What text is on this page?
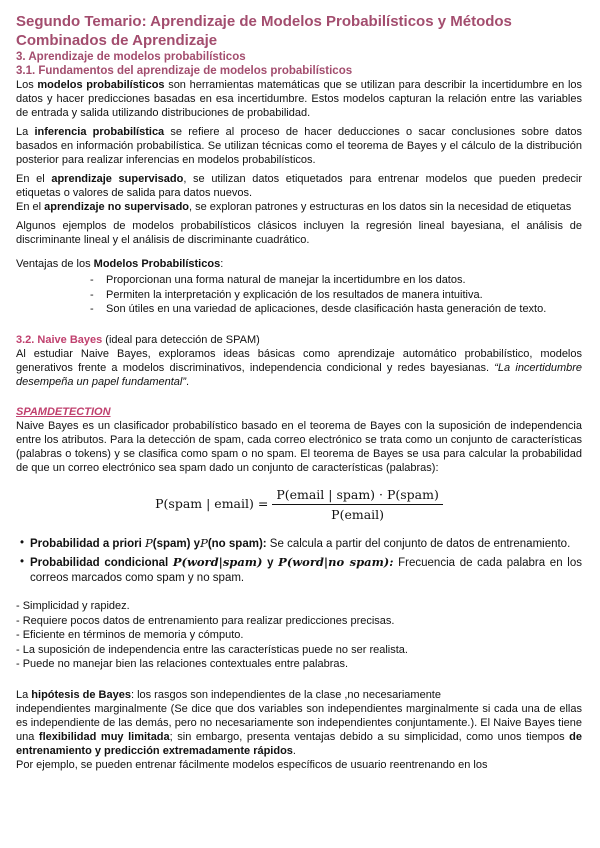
Segundo Temario: Aprendizaje de Modelos Probabilísticos y Métodos Combinados de Aprendizaje
3. Aprendizaje de modelos probabilísticos
3.1. Fundamentos del aprendizaje de modelos probabilísticos

Los modelos probabilísticos son herramientas matemáticas que se utilizan para describir la incertidumbre en los datos y hacer predicciones basadas en esa incertidumbre. Estos modelos capturan la relación entre las variables de entrada y salida utilizando distribuciones de probabilidad.

La inferencia probabilística se refiere al proceso de hacer deducciones o sacar conclusiones sobre datos basados en información probabilística. Se utilizan técnicas como el teorema de Bayes y el cálculo de la distribución posterior para realizar inferencias en modelos probabilísticos.

En el aprendizaje supervisado, se utilizan datos etiquetados para entrenar modelos que pueden predecir etiquetas o valores de salida para datos nuevos.

En el aprendizaje no supervisado, se exploran patrones y estructuras en los datos sin la necesidad de etiquetas

Algunos ejemplos de modelos probabilísticos clásicos incluyen la regresión lineal bayesiana, el análisis de discriminante lineal y el análisis de discriminante cuadrático.

Ventajas de los Modelos Probabilísticos:

- Proporcionan una forma natural de manejar la incertidumbre en los datos.
- Permiten la interpretación y explicación de los resultados de manera intuitiva.
- Son útiles en una variedad de aplicaciones, desde clasificación hasta generación de texto.

3.2. Naive Bayes (ideal para detección de SPAM)

Al estudiar Naive Bayes, exploramos ideas básicas como aprendizaje automático probabilístico, modelos generativos frente a modelos discriminativos, independencia condicional y redes bayesianas. “La incertidumbre desempeña un papel fundamental”.

SPAMDETECTION

Naive Bayes es un clasificador probabilístico basado en el teorema de Bayes con la suposición de independencia entre los atributos. Para la detección de spam, cada correo electrónico se trata como un conjunto de características (palabras o tokens) y se clasifica como spam o no spam. El teorema de Bayes se usa para calcular la probabilidad de que un correo electrónico sea spam dado un conjunto de características (palabras):

P(spam | email) = $\frac{\text{P(email | spam) · P(spam)}}{\text{P(email)}}$
• Probabilidad a priori P(spam) yP(no spam): Se calcula a partir del conjunto de datos de entrenamiento.
• Probabilidad condicional P(word|spam) y P(word|no spam): Frecuencia de cada palabra en los correos marcados como spam y no spam.

- Simplicidad y rapidez.

- Requiere pocos datos de entrenamiento para realizar predicciones precisas.

- Eficiente en términos de memoria y cómputo.

- La suposición de independencia entre las características puede no ser realista.

- Puede no manejar bien las relaciones contextuales entre palabras.

La hipótesis de Bayes: los rasgos son independientes de la clase ,no necesariamente

independientes marginalmente (Se dice que dos variables son independientes marginalmente si cada una de ellas es independiente de las demás, pero no necesariamente son independientes conjuntamente.). El Naive Bayes tiene una flexibilidad muy limitada; sin embargo, presenta ventajas debido a su simplicidad, como unos tiempos de entrenamiento y predicción extremadamente rápidos.

Por ejemplo, se pueden entrenar fácilmente modelos específicos de usuario reentrenando en los
